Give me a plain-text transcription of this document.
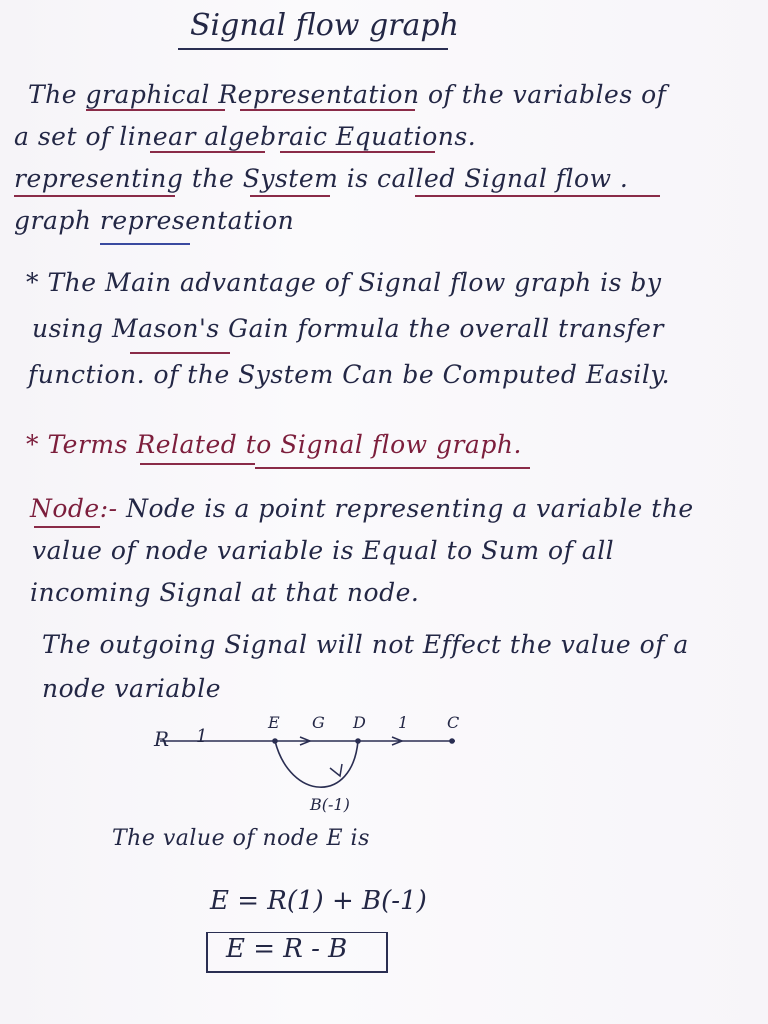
Signal flow graph
The graphical Representation of the variables of
a set of linear algebraic Equations.
representing the System is called Signal flow .
graph representation
* The Main advantage of Signal flow graph is by
using Mason's Gain formula the overall transfer
function. of the System Can be Computed Easily.
* Terms Related to Signal flow graph.
Node:- Node is a point representing a variable the
value of node variable is Equal to Sum of all
incoming Signal at that node.
The outgoing Signal will not Effect the value of a
node variable
R 1
E G D 1 C
B(-1)
The value of node E is
E = R(1) + B(-1)
E = R - B
